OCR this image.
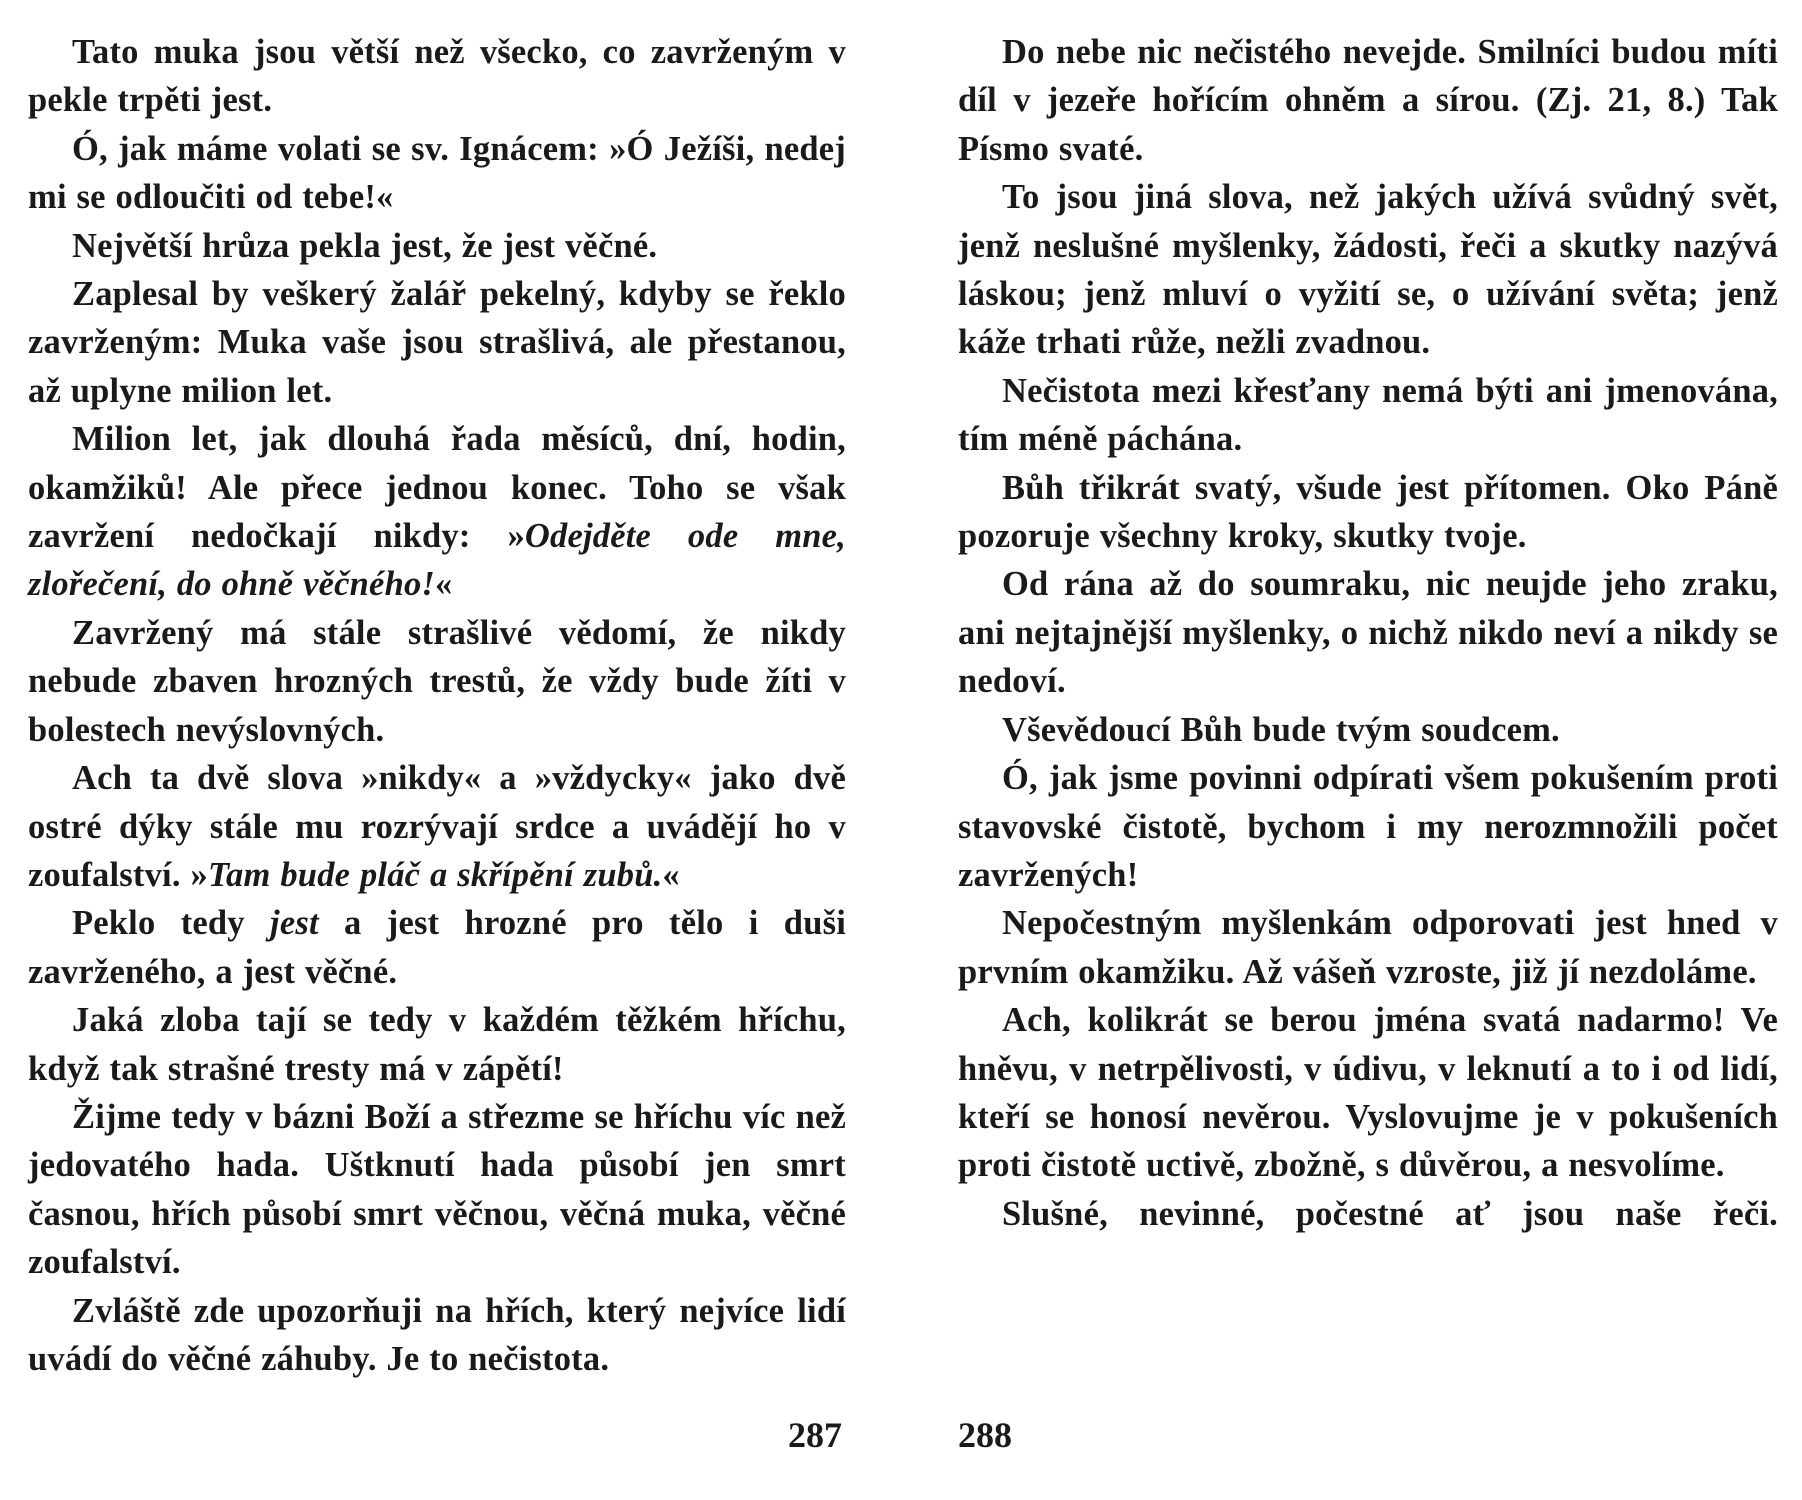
Tato muka jsou větší než všecko, co zavrženým v pekle trpěti jest.

Ó, jak máme volati se sv. Ignácem: »Ó Ježíši, nedej mi se odloučiti od tebe!«

Největší hrůza pekla jest, že jest věčné.

Zaplesal by veškerý žalář pekelný, kdyby se řeklo zavrženým: Muka vaše jsou strašlivá, ale přestanou, až uplyne milion let.

Milion let, jak dlouhá řada měsíců, dní, hodin, okamžiků! Ale přece jednou konec. Toho se však zavržení nedočkají nikdy: »Odejděte ode mne, zlořečení, do ohně věčného!«

Zavržený má stále strašlivé vědomí, že nikdy nebude zbaven hrozných trestů, že vždy bude žíti v bolestech nevýslovných.

Ach ta dvě slova »nikdy« a »vždycky« jako dvě ostré dýky stále mu rozrývají srdce a uvádějí ho v zoufalství. »Tam bude pláč a skřípění zubů.«

Peklo tedy jest a jest hrozné pro tělo i duši zavrženého, a jest věčné.

Jaká zloba tají se tedy v každém těžkém hříchu, když tak strašné tresty má v zápětí!

Žijme tedy v bázni Boží a střezme se hříchu víc než jedovatého hada. Uštknutí hada působí jen smrt časnou, hřích působí smrt věčnou, věčná muka, věčné zoufalství.

Zvláště zde upozorňuji na hřích, který nejvíce lidí uvádí do věčné záhuby. Je to nečistota.

287

Do nebe nic nečistého nevejde. Smilníci budou míti díl v jezeře hořícím ohněm a sírou. (Zj. 21, 8.) Tak Písmo svaté.

To jsou jiná slova, než jakých užívá svůdný svět, jenž neslušné myšlenky, žádosti, řeči a skutky nazývá láskou; jenž mluví o vyžití se, o užívání světa; jenž káže trhati růže, nežli zvadnou.

Nečistota mezi křesťany nemá býti ani jmenována, tím méně páchána.

Bůh třikrát svatý, všude jest přítomen. Oko Páně pozoruje všechny kroky, skutky tvoje.

Od rána až do soumraku, nic neujde jeho zraku, ani nejtajnější myšlenky, o nichž nikdo neví a nikdy se nedoví.

Vševědoucí Bůh bude tvým soudcem.

Ó, jak jsme povinni odpírati všem pokušením proti stavovské čistotě, bychom i my nerozmnožili počet zavržených!

Nepočestným myšlenkám odporovati jest hned v prvním okamžiku. Až vášeň vzroste, již jí nezdoláme.

Ach, kolikrát se berou jména svatá nadarmo! Ve hněvu, v netrpělivosti, v údivu, v leknutí a to i od lidí, kteří se honosí nevěrou. Vyslovujme je v pokušeních proti čistotě uctivě, zbožně, s důvěrou, a nesvolíme.

Slušné, nevinné, počestné ať jsou naše řeči.

288
